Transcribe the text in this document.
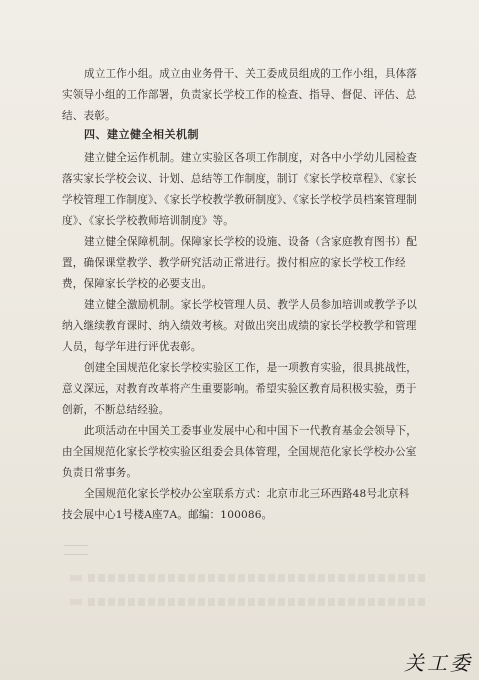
成立工作小组。成立由业务骨干、关工委成员组成的工作小组，具体落实领导小组的工作部署，负责家长学校工作的检查、指导、督促、评估、总结、表彰。

四、建立健全相关机制

建立健全运作机制。建立实验区各项工作制度，对各中小学幼儿园检查落实家长学校会议、计划、总结等工作制度，制订《家长学校章程》、《家长学校管理工作制度》、《家长学校教学教研制度》、《家长学校学员档案管理制度》、《家长学校教师培训制度》等。

建立健全保障机制。保障家长学校的设施、设备（含家庭教育图书）配置，确保课堂教学、教学研究活动正常进行。拨付相应的家长学校工作经费，保障家长学校的必要支出。

建立健全激励机制。家长学校管理人员、教学人员参加培训或教学予以纳入继续教育课时、纳入绩效考核。对做出突出成绩的家长学校教学和管理人员，每学年进行评优表彰。

创建全国规范化家长学校实验区工作，是一项教育实验，很具挑战性，意义深远，对教育改革将产生重要影响。希望实验区教育局积极实验，勇于创新，不断总结经验。

此项活动在中国关工委事业发展中心和中国下一代教育基金会领导下，由全国规范化家长学校实验区组委会具体管理，全国规范化家长学校办公室负责日常事务。

全国规范化家长学校办公室联系方式：北京市北三环西路48号北京科技会展中心1号楼A座7A。邮编：100086。

关工委
